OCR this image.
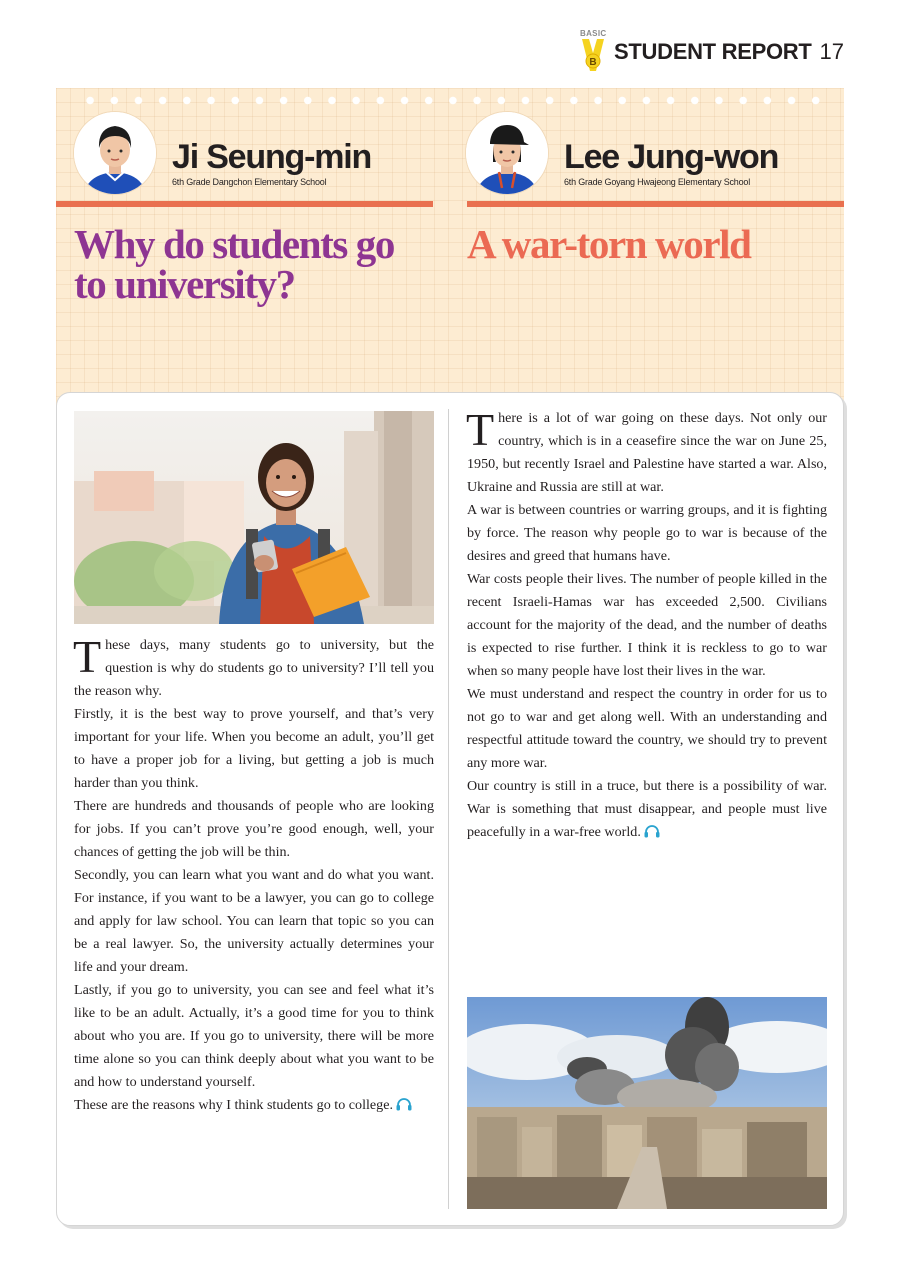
BASIC
B STUDENT REPORT 17
Ji Seung-min
6th Grade Dangchon Elementary School
Lee Jung-won
6th Grade Goyang Hwajeong Elementary School
Why do students go to university?
A war-torn world

These days, many students go to university, but the question is why do students go to university? I’ll tell you the reason why.

Firstly, it is the best way to prove yourself, and that’s very important for your life. When you become an adult, you’ll get to have a proper job for a living, but getting a job is much harder than you think.

There are hundreds and thousands of people who are looking for jobs. If you can’t prove you’re good enough, well, your chances of getting the job will be thin.

Secondly, you can learn what you want and do what you want. For instance, if you want to be a lawyer, you can go to college and apply for law school. You can learn that topic so you can be a real lawyer. So, the university actually determines your life and your dream.

Lastly, if you go to university, you can see and feel what it’s like to be an adult. Actually, it’s a good time for you to think about who you are. If you go to university, there will be more time alone so you can think deeply about what you want to be and how to understand yourself.

These are the reasons why I think students go to college.

There is a lot of war going on these days. Not only our country, which is in a ceasefire since the war on June 25, 1950, but recently Israel and Palestine have started a war. Also, Ukraine and Russia are still at war.

A war is between countries or warring groups, and it is fighting by force. The reason why people go to war is because of the desires and greed that humans have.

War costs people their lives. The number of people killed in the recent Israeli-Hamas war has exceeded 2,500. Civilians account for the majority of the dead, and the number of deaths is expected to rise further. I think it is reckless to go to war when so many people have lost their lives in the war.

We must understand and respect the country in order for us to not go to war and get along well. With an understanding and respectful attitude toward the country, we should try to prevent any more war.

Our country is still in a truce, but there is a possibility of war. War is something that must disappear, and people must live peacefully in a war-free world.
